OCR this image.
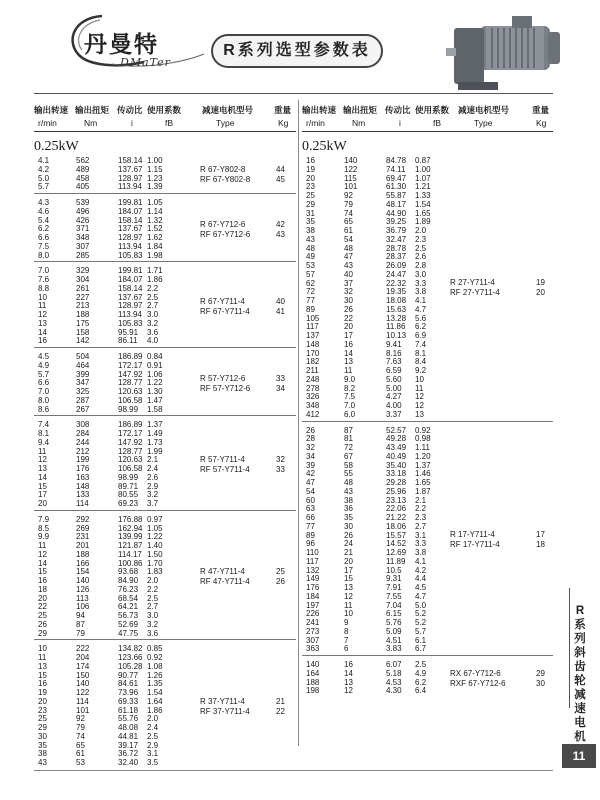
丹曼特
DMaTer
R系列选型参数表
输出转速
r/min
输出扭矩
Nm
传动比
i
使用系数
fB
减速电机型号
Type
重量
Kg
0.25kW
4.1	562	158.14 1.00
4.2	489	137.67 1.15
5.0	458	128.97 1.23
5.7	405	113.94 1.39
R 67-Y802-8	44
RF 67-Y802-8	45
4.3	539	199.81 1.05
4.6	496	184.07 1.14
5.4	426	158.14 1.32
6.2	371	137.67 1.52
6.6	348	128.97 1.62
7.5	307	113.94 1.84
8.0	285	105.83 1.98
R 67-Y712-6	42
RF 67-Y712-6	43
7.0	329	199.81 1.71
7.6	304	184.07 1.86
8.8	261	158.14 2.2
10	227	137.67 2.5
11	213	128.97 2.7
12	188	113.94 3.0
13	175	105.83 3.2
14	158	95.91 3.6
16	142	86.11 4.0
R 67-Y711-4	40
RF 67-Y711-4	41
4.5	504	186.89 0.84
4.9	464	172.17 0.91
5.7	399	147.92 1.06
6.6	347	128.77 1.22
7.0	325	120.63 1.30
8.0	287	106.58 1.47
8.6	267	98.99 1.58
R 57-Y712-6	33
RF 57-Y712-6	34
7.4	308	186.89 1.37
8.1	284	172.17 1.49
9.4	244	147.92 1.73
11	212	128.77 1.99
12	199	120.63 2.1
13	176	106.58 2.4
14	163	98.99 2.6
15	148	89.71 2.9
17	133	80.55 3.2
20	114	69.23 3.7
R 57-Y711-4	32
RF 57-Y711-4	33
7.9	292	176.88 0.97
8.5	269	162.94 1.05
9.9	231	139.99 1.22
11	201	121.87 1.40
12	188	114.17 1.50
14	166	100.86 1.70
15	154	93.68 1.83
16	140	84.90 2.0
18	126	76.23 2.2
20	113	68.54 2.5
22	106	64.21 2.7
25	94	56.73 3.0
26	87	52.69 3.2
29	79	47.75 3.6
R 47-Y711-4	25
RF 47-Y711-4	26
10	222	134.82 0.85
11	204	123.66 0.92
13	174	105.28 1.08
15	150	90.77 1.26
16	140	84.61 1.35
19	122	73.96 1.54
20	114	69.33 1.64
23	101	61.18 1.86
25	92	55.76 2.0
29	79	48.08 2.4
30	74	44.81 2.5
35	65	39.17 2.9
38	61	36.72 3.1
43	53	32.40 3.5
R 37-Y711-4	21
RF 37-Y711-4	22
输出转速
r/min
输出扭矩
Nm
传动比
i
使用系数
fB
减速电机型号
Type
重量
Kg
0.25kW
16	140	84.78 0.87
19	122	74.11 1.00
20	115	69.47 1.07
23	101	61.30 1.21
25	92	55.87 1.33
29	79	48.17 1.54
31	74	44.90 1.65
35	65	39.25 1.89
38	61	36.79 2.0
43	54	32.47 2.3
48	48	28.78 2.5
49	47	28.37 2.6
53	43	26.09 2.8
57	40	24.47 3.0
62	37	22.32 3.3
72	32	19.35 3.8
77	30	18.08 4.1
89	26	15.63 4.7
105	22	13.28 5.6
117	20	11.86 6.2
137	17	10.13 6.9
148	16	9.41 7.4
170	14	8.16 8.1
182	13	7.63 8.4
211	11	6.59 9.2
248	9.0	5.60 10
278	8.2	5.00 11
326	7.5	4.27 12
348	7.0	4.00 12
412	6.0	3.37 13
R 27-Y711-4	19
RF 27-Y711-4	20
26	87	52.57 0.92
28	81	49.28 0.98
32	72	43.49 1.11
34	67	40.49 1.20
39	58	35.40 1.37
42	55	33.18 1.46
47	48	29.28 1.65
54	43	25.96 1.87
60	38	23.13 2.1
63	36	22.06 2.2
66	35	21.22 2.3
77	30	18.06 2.7
89	26	15.57 3.1
96	24	14.52 3.3
110	21	12.69 3.8
117	20	11.89 4.1
132	17	10.5 4.2
149	15	9.31 4.4
176	13	7.91 4.5
184	12	7.55 4.7
197	11	7.04 5.0
226	10	6.15 5.2
241	9	5.76 5.2
273	8	5.09 5.7
307	7	4.51 6.1
363	6	3.83 6.7
R 17-Y711-4	17
RF 17-Y711-4	18
140	16	6.07 2.5
164	14	5.18 4.9
188	13	4.53 6.2
198	12	4.30 6.4
RX 67-Y712-6	29
RXF 67-Y712-6	30
R系列斜齿轮减速电机
11
